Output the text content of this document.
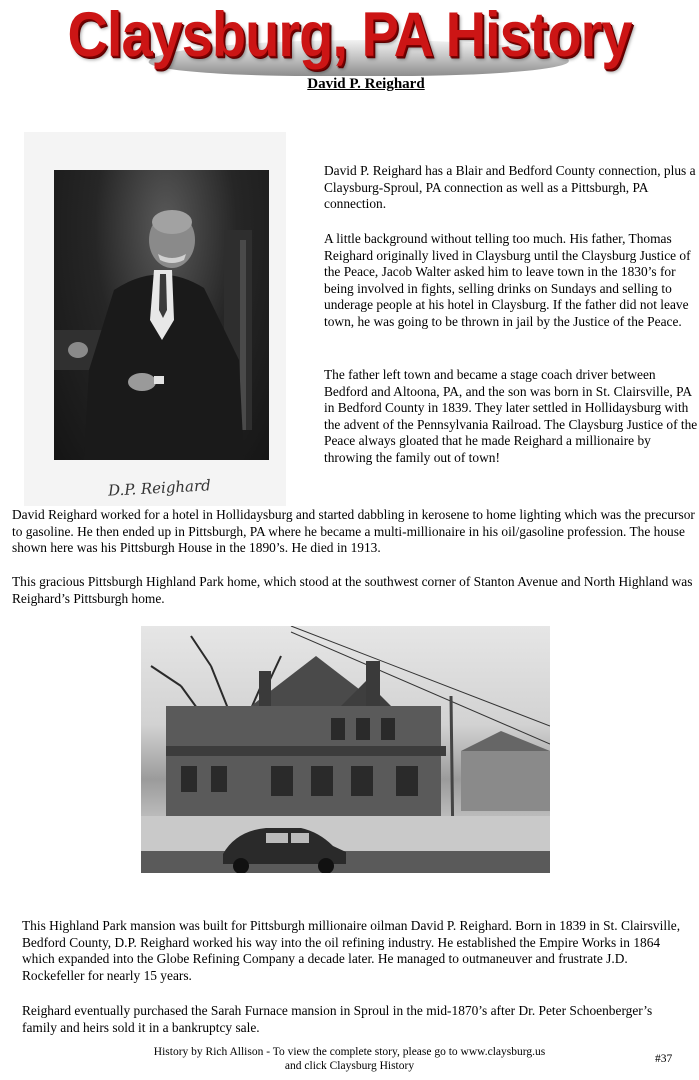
Claysburg, PA History
David P. Reighard
D.P. Reighard
David P. Reighard has a Blair and Bedford County connection, plus a Claysburg-Sproul, PA connection as well as a Pittsburgh, PA connection.
A little background without telling too much. His father, Thomas Reighard originally lived in Claysburg until the Claysburg Justice of the Peace, Jacob Walter asked him to leave town in the 1830’s for being involved in fights, selling drinks on Sundays and selling to underage people at his hotel in Claysburg. If the father did not leave town, he was going to be thrown in jail by the Justice of the Peace.
The father left town and became a stage coach driver between Bedford and Altoona, PA, and the son was born in St. Clairsville, PA in Bedford County in 1839. They later settled in Hollidaysburg with the advent of the Pennsylvania Railroad. The Claysburg Justice of the Peace always gloated that he made Reighard a millionaire by throwing the family out of town!
David Reighard worked for a hotel in Hollidaysburg and started dabbling in kerosene to home lighting which was the precursor to gasoline. He then ended up in Pittsburgh, PA where he became a multi-millionaire in his oil/gasoline profession. The house shown here was his Pittsburgh House in the 1890’s. He died in 1913.
This gracious Pittsburgh Highland Park home, which stood at the southwest corner of Stanton Avenue and North Highland was Reighard’s Pittsburgh home.
This Highland Park mansion was built for Pittsburgh millionaire oilman David P. Reighard. Born in 1839 in St. Clairsville, Bedford County, D.P. Reighard worked his way into the oil refining industry. He established the Empire Works in 1864 which expanded into the Globe Refining Company a decade later. He managed to outmaneuver and frustrate J.D. Rockefeller for nearly 15 years.
Reighard eventually purchased the Sarah Furnace mansion in Sproul in the mid-1870’s after Dr. Peter Schoenberger’s family and heirs sold it in a bankruptcy sale.
History by Rich Allison - To view the complete story, please go to www.claysburg.us
and click Claysburg History
#37
